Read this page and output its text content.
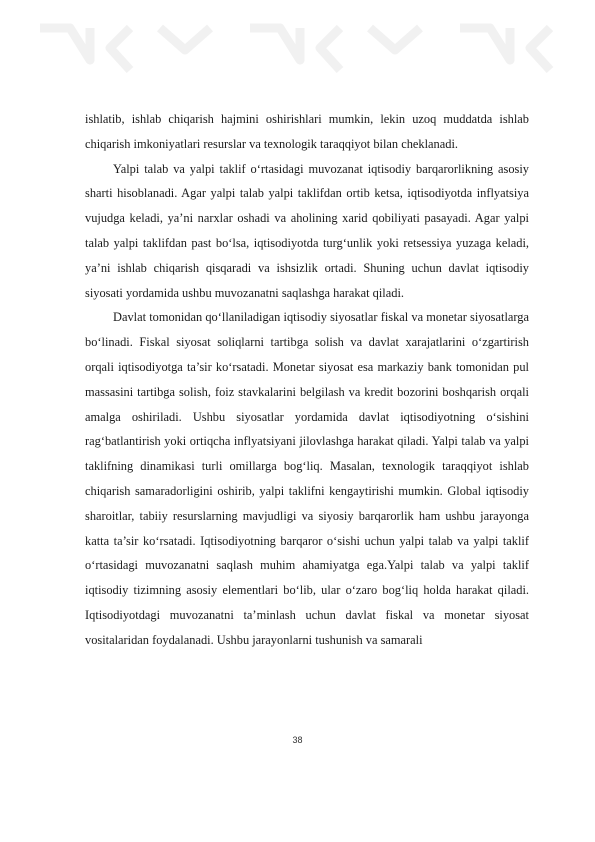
ishlatib, ishlab chiqarish hajmini oshirishlari mumkin, lekin uzoq muddatda ishlab chiqarish imkoniyatlari resurslar va texnologik taraqqiyot bilan cheklanadi.

Yalpi talab va yalpi taklif o‘rtasidagi muvozanat iqtisodiy barqarorlikning asosiy sharti hisoblanadi. Agar yalpi talab yalpi taklifdan ortib ketsa, iqtisodiyotda inflyatsiya vujudga keladi, ya’ni narxlar oshadi va aholining xarid qobiliyati pasayadi. Agar yalpi talab yalpi taklifdan past bo‘lsa, iqtisodiyotda turg‘unlik yoki retsessiya yuzaga keladi, ya’ni ishlab chiqarish qisqaradi va ishsizlik ortadi. Shuning uchun davlat iqtisodiy siyosati yordamida ushbu muvozanatni saqlashga harakat qiladi.

Davlat tomonidan qo‘llaniladigan iqtisodiy siyosatlar fiskal va monetar siyosatlarga bo‘linadi. Fiskal siyosat soliqlarni tartibga solish va davlat xarajatlarini o‘zgartirish orqali iqtisodiyotga ta’sir ko‘rsatadi. Monetar siyosat esa markaziy bank tomonidan pul massasini tartibga solish, foiz stavkalarini belgilash va kredit bozorini boshqarish orqali amalga oshiriladi. Ushbu siyosatlar yordamida davlat iqtisodiyotning o‘sishini rag‘batlantirish yoki ortiqcha inflyatsiyani jilovlashga harakat qiladi. Yalpi talab va yalpi taklifning dinamikasi turli omillarga bog‘liq. Masalan, texnologik taraqqiyot ishlab chiqarish samaradorligini oshirib, yalpi taklifni kengaytirishi mumkin. Global iqtisodiy sharoitlar, tabiiy resurslarning mavjudligi va siyosiy barqarorlik ham ushbu jarayonga katta ta’sir ko‘rsatadi. Iqtisodiyotning barqaror o‘sishi uchun yalpi talab va yalpi taklif o‘rtasidagi muvozanatni saqlash muhim ahamiyatga ega.Yalpi talab va yalpi taklif iqtisodiy tizimning asosiy elementlari bo‘lib, ular o‘zaro bog‘liq holda harakat qiladi. Iqtisodiyotdagi muvozanatni ta’minlash uchun davlat fiskal va monetar siyosat vositalaridan foydalanadi. Ushbu jarayonlarni tushunish va samarali

38
